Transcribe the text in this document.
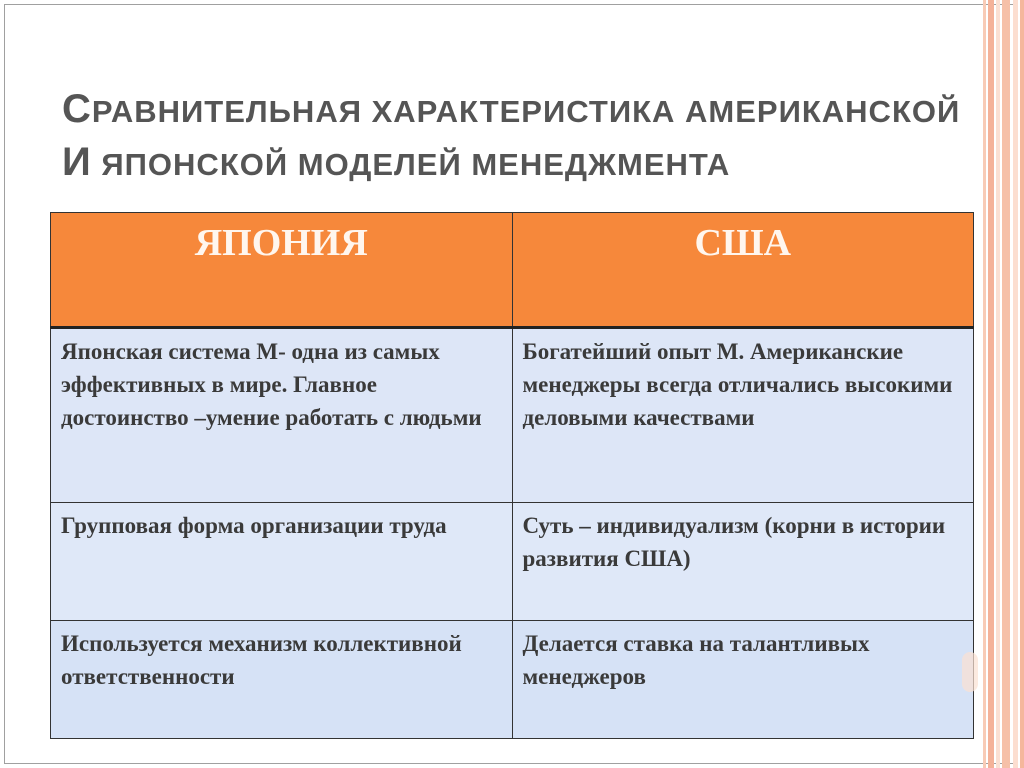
СРАВНИТЕЛЬНАЯ ХАРАКТЕРИСТИКА АМЕРИКАНСКОЙ
И ЯПОНСКОЙ МОДЕЛЕЙ МЕНЕДЖМЕНТА
ЯПОНИЯ	США
Японская система М- одна из самых эффективных в мире. Главное достоинство –умение работать с людьми	Богатейший опыт М. Американские менеджеры всегда отличались высокими деловыми качествами
Групповая форма организации труда	Суть – индивидуализм (корни в истории развития США)
Используется механизм коллективной ответственности	Делается ставка на талантливых менеджеров
